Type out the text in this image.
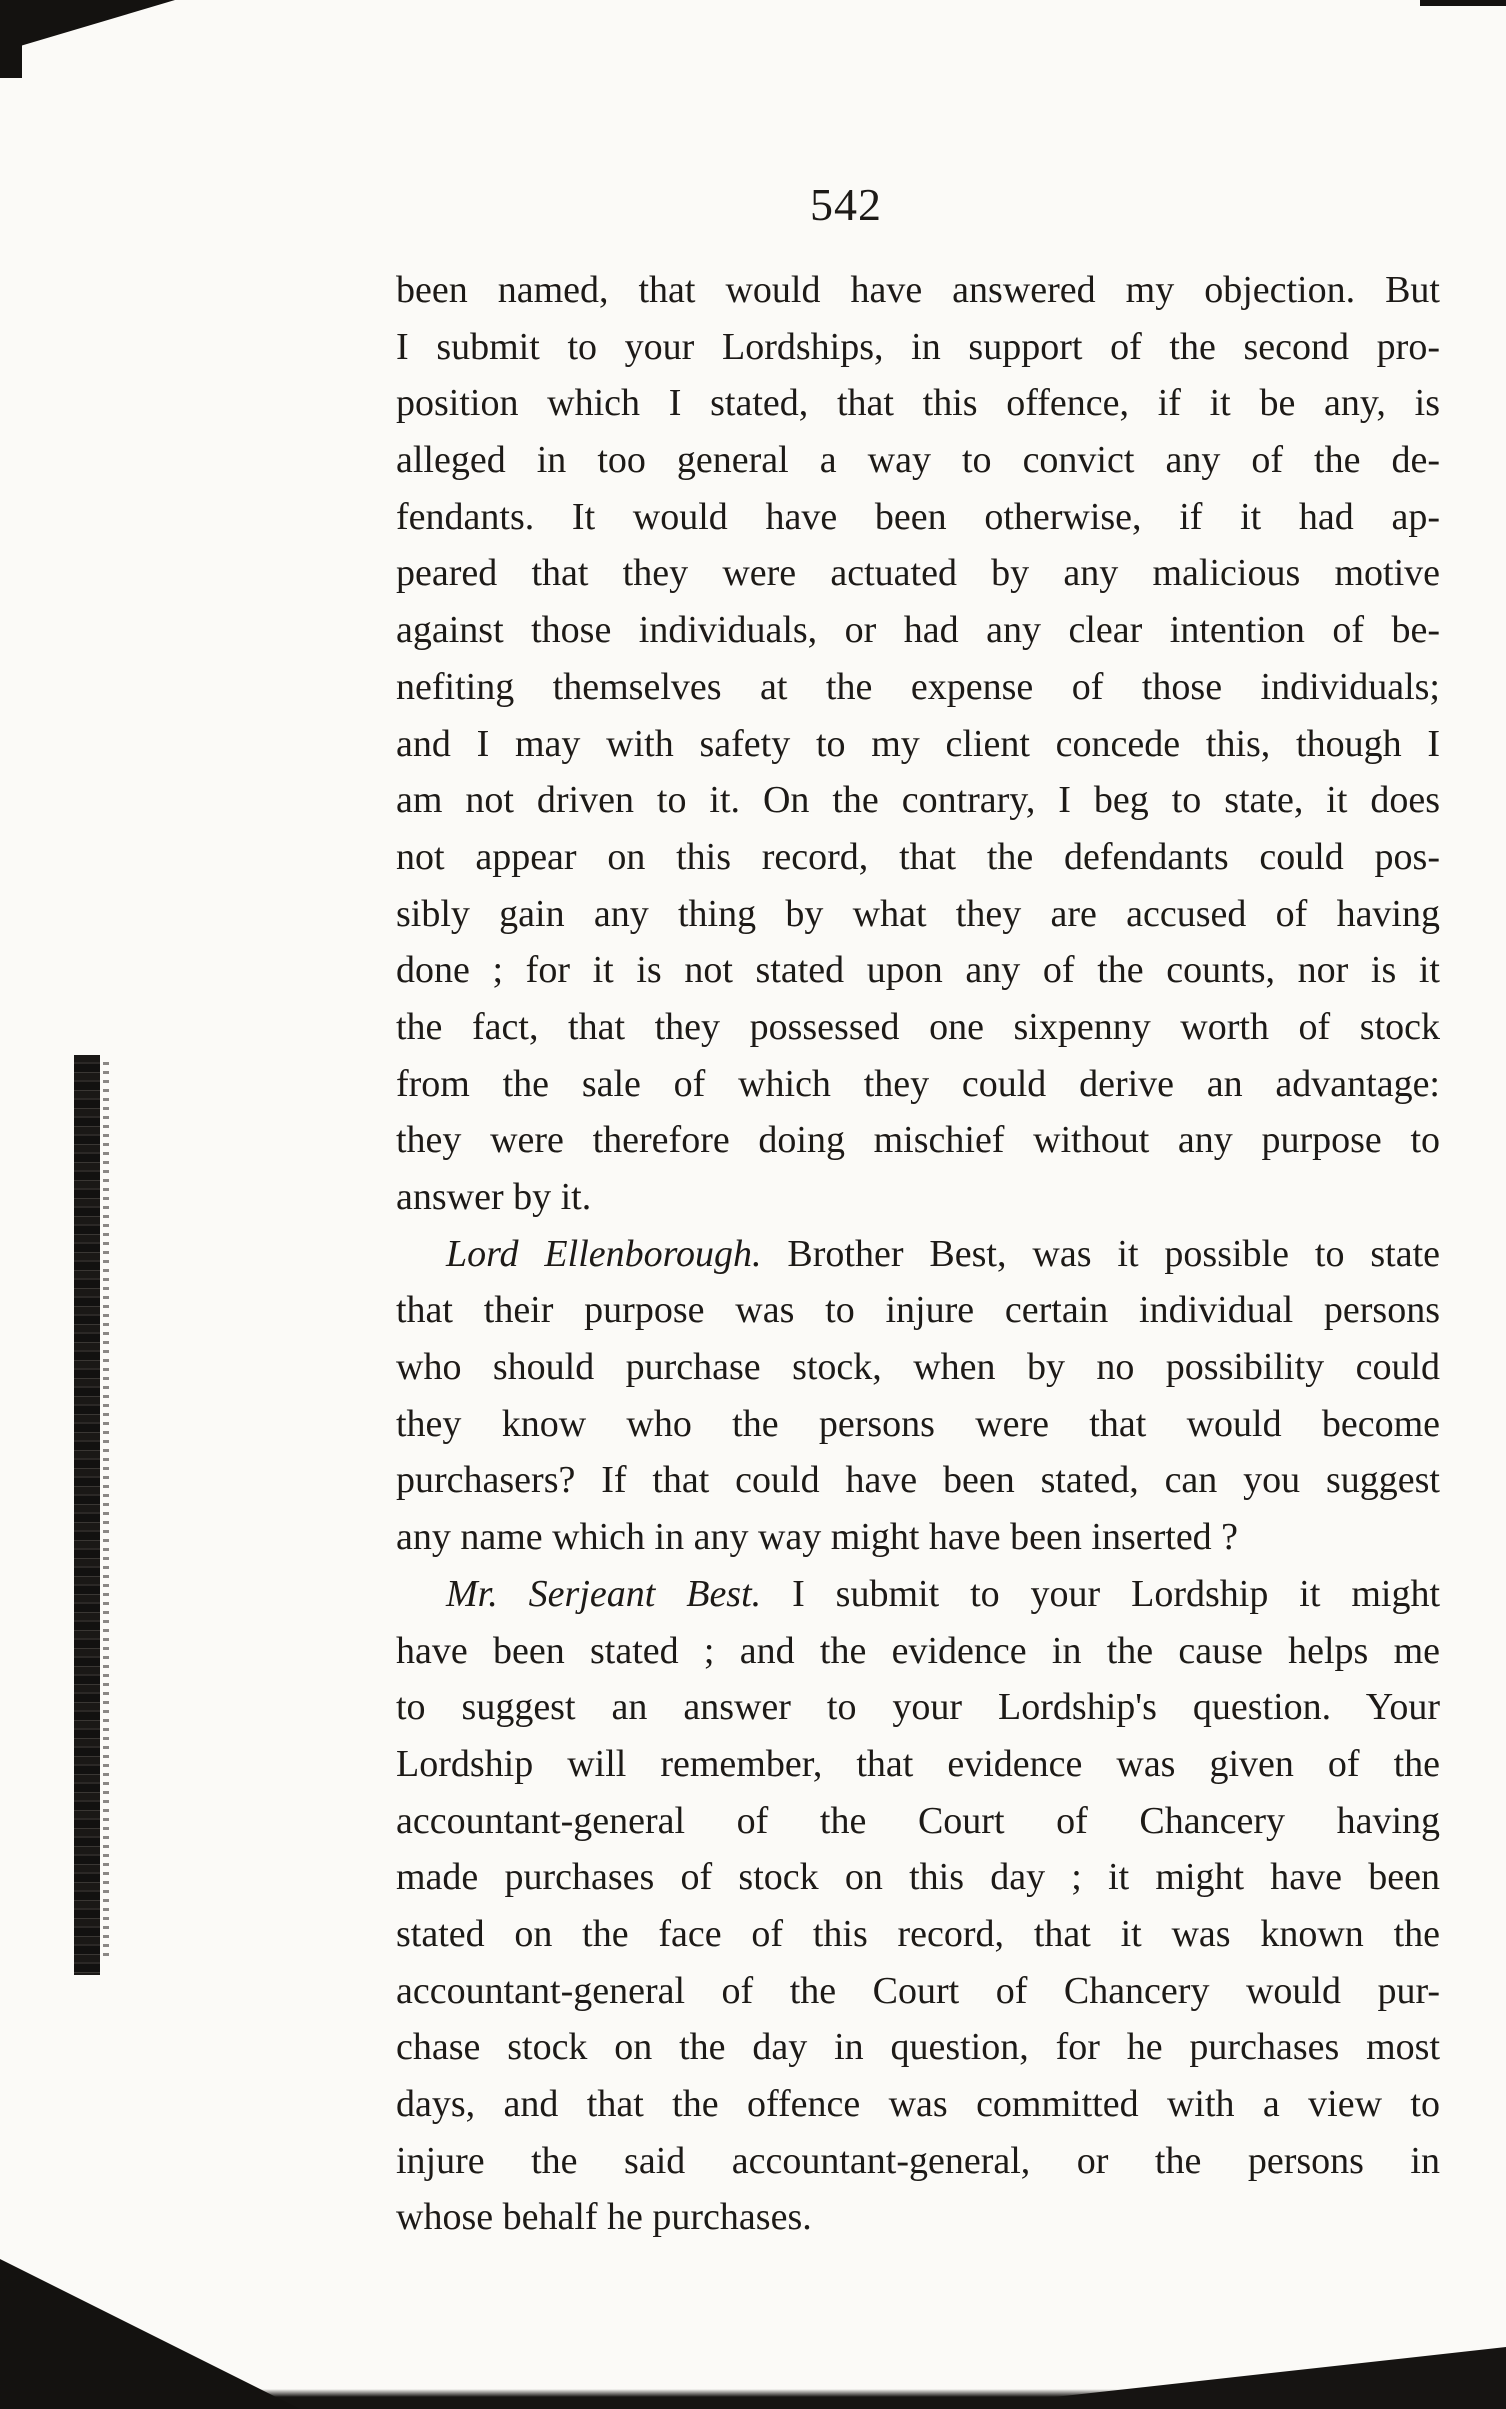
542
been named, that would have answered my objection. But
I submit to your Lordships, in support of the second pro-
position which I stated, that this offence, if it be any, is
alleged in too general a way to convict any of the de-
fendants. It would have been otherwise, if it had ap-
peared that they were actuated by any malicious motive
against those individuals, or had any clear intention of be-
nefiting themselves at the expense of those individuals;
and I may with safety to my client concede this, though I
am not driven to it. On the contrary, I beg to state, it does
not appear on this record, that the defendants could pos-
sibly gain any thing by what they are accused of having
done ; for it is not stated upon any of the counts, nor is it
the fact, that they possessed one sixpenny worth of stock
from the sale of which they could derive an advantage:
they were therefore doing mischief without any purpose to
answer by it.
Lord Ellenborough. Brother Best, was it possible to state
that their purpose was to injure certain individual persons
who should purchase stock, when by no possibility could
they know who the persons were that would become
purchasers? If that could have been stated, can you suggest
any name which in any way might have been inserted ?
Mr. Serjeant Best. I submit to your Lordship it might
have been stated ; and the evidence in the cause helps me
to suggest an answer to your Lordship's question. Your
Lordship will remember, that evidence was given of the
accountant-general of the Court of Chancery having
made purchases of stock on this day ; it might have been
stated on the face of this record, that it was known the
accountant-general of the Court of Chancery would pur-
chase stock on the day in question, for he purchases most
days, and that the offence was committed with a view to
injure the said accountant-general, or the persons in
whose behalf he purchases.
